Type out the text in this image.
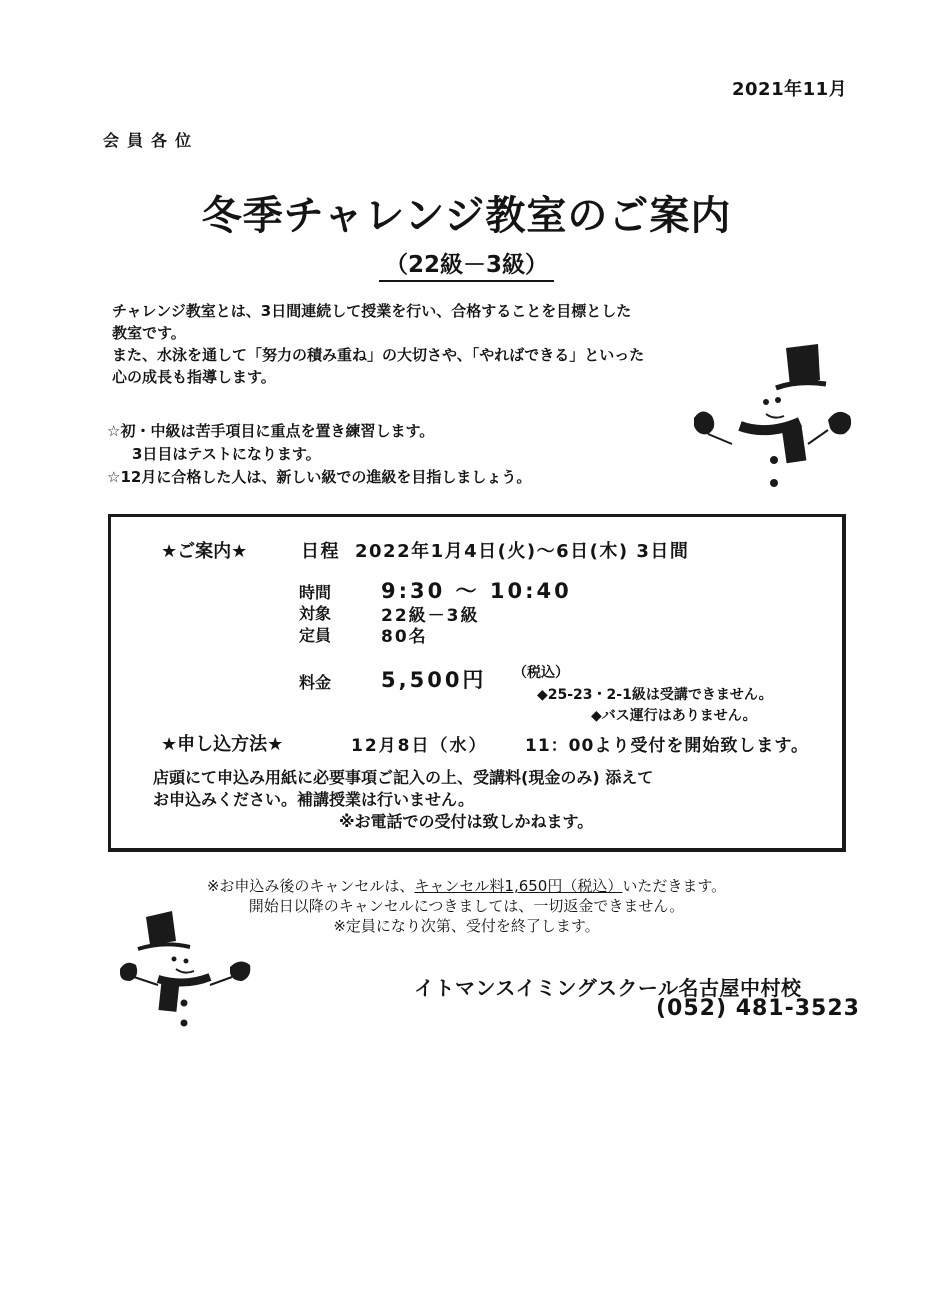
2021年11月
会員各位
冬季チャレンジ教室のご案内
（22級－3級）
チャレンジ教室とは、3日間連続して授業を行い、合格することを目標とした
教室です。
また、水泳を通して「努力の積み重ね」の大切さや、「やればできる」といった
心の成長も指導します。
☆初・中級は苦手項目に重点を置き練習します。
3日目はテストになります。
☆12月に合格した人は、新しい級での進級を目指しましょう。
★ご案内★	日程 2022年1月4日(火)～6日(木) 3日間
時間 9:30 ～ 10:40
対象	22級－3級
定員	80名
料金 5,500円 （税込）
◆25-23・2-1級は受講できません。
◆バス運行はありません。
★申し込方法★	12月8日（水） 11：00より受付を開始致します。
店頭にて申込み用紙に必要事項ご記入の上、受講料(現金のみ) 添えて
お申込みください。補講授業は行いません。
※お電話での受付は致しかねます。
※お申込み後のキャンセルは、キャンセル料1,650円（税込）いただきます。
開始日以降のキャンセルにつきましては、一切返金できません。
※定員になり次第、受付を終了します。
イトマンスイミングスクール名古屋中村校
(052) 481-3523
